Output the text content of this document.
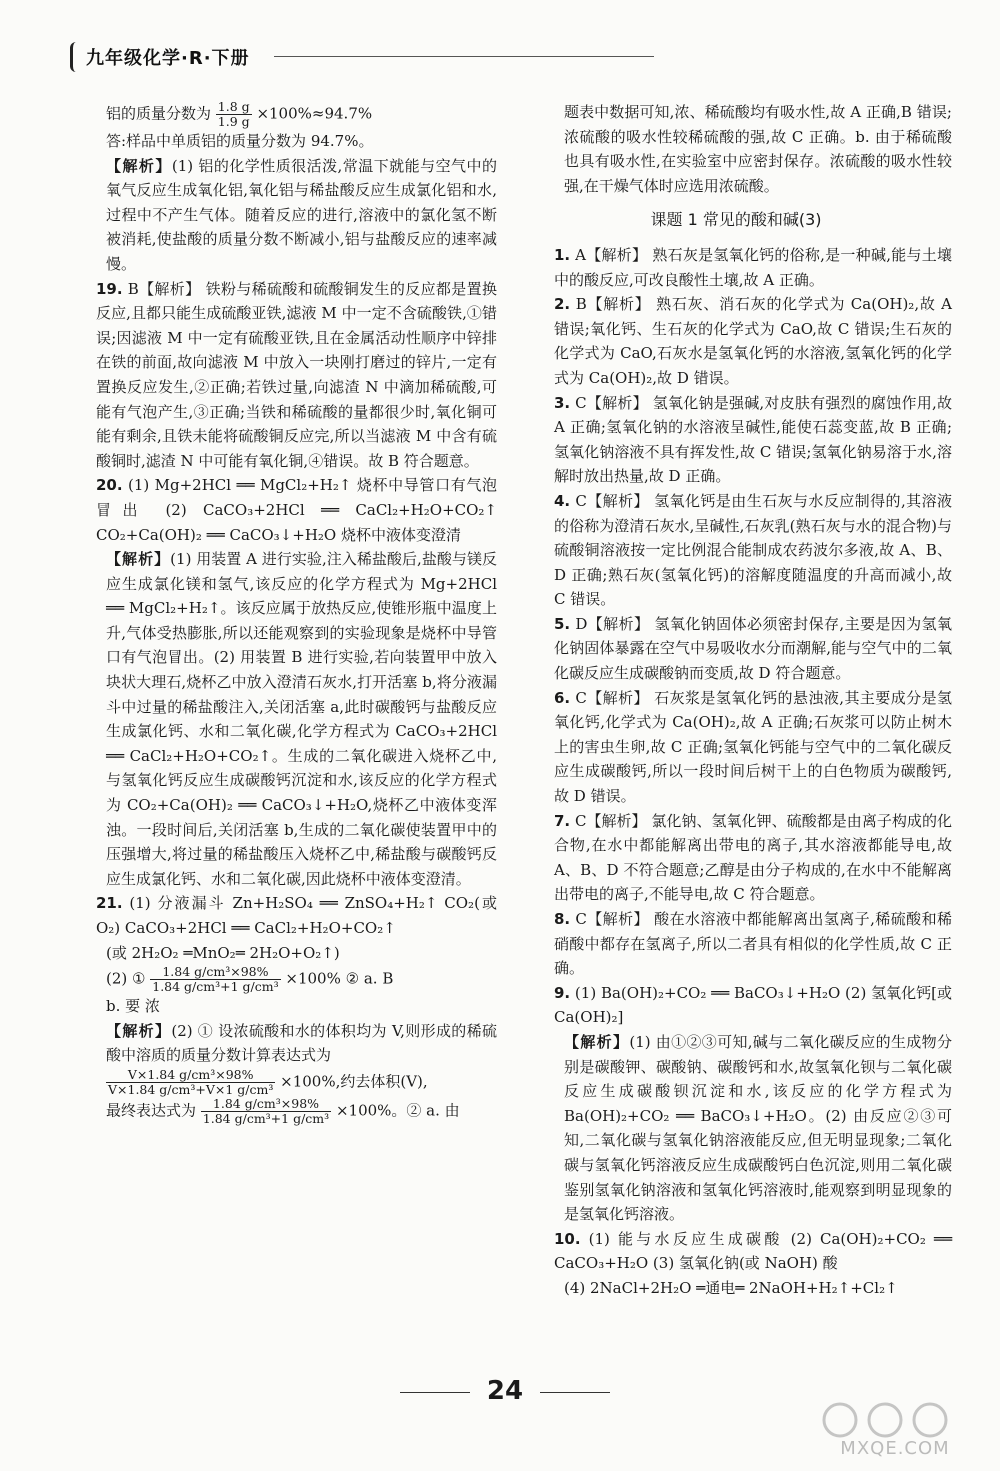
九年级化学·R·下册

铝的质量分数为 $\frac{1.8 g}{1.9 g} \times 100\%\approx 94.7\%$

答:样品中单质铝的质量分数为 94.7%。

【解析】(1) 铝的化学性质很活泼,常温下就能与空气中的氧气反应生成氧化铝,氧化铝与稀盐酸反应生成氯化铝和水,过程中不产生气体。随着反应的进行,溶液中的氯化氢不断被消耗,使盐酸的质量分数不断减小,铝与盐酸反应的速率减慢。

19. B【解析】 铁粉与稀硫酸和硫酸铜发生的反应都是置换反应,且都只能生成硫酸亚铁,滤液 M 中一定不含硫酸铁,①错误;因滤液 M 中一定有硫酸亚铁,且在金属活动性顺序中锌排在铁的前面,故向滤液 M 中放入一块刚打磨过的锌片,一定有置换反应发生,②正确;若铁过量,向滤渣 N 中滴加稀硫酸,可能有气泡产生,③正确;当铁和稀硫酸的量都很少时,氧化铜可能有剩余,且铁未能将硫酸铜反应完,所以当滤液 M 中含有硫酸铜时,滤渣 N 中可能有氧化铜,④错误。故 B 符合题意。

20. (1) Mg+2HCl ══ MgCl₂+H₂↑ 烧杯中导管口有气泡冒出 (2) CaCO₃+2HCl ══ CaCl₂+H₂O+CO₂↑ CO₂+Ca(OH)₂ ══ CaCO₃↓+H₂O 烧杯中液体变澄清

【解析】(1) 用装置 A 进行实验,注入稀盐酸后,盐酸与镁反应生成氯化镁和氢气,该反应的化学方程式为 Mg+2HCl ══ MgCl₂+H₂↑。该反应属于放热反应,使锥形瓶中温度上升,气体受热膨胀,所以还能观察到的实验现象是烧杯中导管口有气泡冒出。(2) 用装置 B 进行实验,若向装置甲中放入块状大理石,烧杯乙中放入澄清石灰水,打开活塞 b,将分液漏斗中过量的稀盐酸注入,关闭活塞 a,此时碳酸钙与盐酸反应生成氯化钙、水和二氧化碳,化学方程式为 CaCO₃+2HCl ══ CaCl₂+H₂O+CO₂↑。生成的二氧化碳进入烧杯乙中,与氢氧化钙反应生成碳酸钙沉淀和水,该反应的化学方程式为 CO₂+Ca(OH)₂ ══ CaCO₃↓+H₂O,烧杯乙中液体变浑浊。一段时间后,关闭活塞 b,生成的二氧化碳使装置甲中的压强增大,将过量的稀盐酸压入烧杯乙中,稀盐酸与碳酸钙反应生成氯化钙、水和二氧化碳,因此烧杯中液体变澄清。

21. (1) 分液漏斗 Zn+H₂SO₄ ══ ZnSO₄+H₂↑ CO₂(或 O₂) CaCO₃+2HCl ══ CaCl₂+H₂O+CO₂↑

(或 2H₂O₂ ═MnO₂═ 2H₂O+O₂↑)

(2) ① $\frac{\text{1.84 g/cm³×98\%}}{\text{1.84 g/cm³+1 g/cm³}} \times 100\%$ ② a. B

b. 要 浓

【解析】(2) ① 设浓硫酸和水的体积均为 V,则形成的稀硫酸中溶质的质量分数计算表达式为

$\frac{\text{V×1.84 g/cm³×98\%}}{\text{V×1.84 g/cm³+V×1 g/cm³}} \times 100\%$,约去体积(V),

最终表达式为 $\frac{\text{1.84 g/cm³×98\%}}{\text{1.84 g/cm³+1 g/cm³}} \times 100\%$。② a. 由

题表中数据可知,浓、稀硫酸均有吸水性,故 A 正确,B 错误;浓硫酸的吸水性较稀硫酸的强,故 C 正确。b. 由于稀硫酸也具有吸水性,在实验室中应密封保存。浓硫酸的吸水性较强,在干燥气体时应选用浓硫酸。

课题 1 常见的酸和碱(3)

1. A【解析】 熟石灰是氢氧化钙的俗称,是一种碱,能与土壤中的酸反应,可改良酸性土壤,故 A 正确。

2. B【解析】 熟石灰、消石灰的化学式为 Ca(OH)₂,故 A 错误;氧化钙、生石灰的化学式为 CaO,故 C 错误;生石灰的化学式为 CaO,石灰水是氢氧化钙的水溶液,氢氧化钙的化学式为 Ca(OH)₂,故 D 错误。

3. C【解析】 氢氧化钠是强碱,对皮肤有强烈的腐蚀作用,故 A 正确;氢氧化钠的水溶液呈碱性,能使石蕊变蓝,故 B 正确;氢氧化钠溶液不具有挥发性,故 C 错误;氢氧化钠易溶于水,溶解时放出热量,故 D 正确。

4. C【解析】 氢氧化钙是由生石灰与水反应制得的,其溶液的俗称为澄清石灰水,呈碱性,石灰乳(熟石灰与水的混合物)与硫酸铜溶液按一定比例混合能制成农药波尔多液,故 A、B、D 正确;熟石灰(氢氧化钙)的溶解度随温度的升高而减小,故 C 错误。

5. D【解析】 氢氧化钠固体必须密封保存,主要是因为氢氧化钠固体暴露在空气中易吸收水分而潮解,能与空气中的二氧化碳反应生成碳酸钠而变质,故 D 符合题意。

6. C【解析】 石灰浆是氢氧化钙的悬浊液,其主要成分是氢氧化钙,化学式为 Ca(OH)₂,故 A 正确;石灰浆可以防止树木上的害虫生卵,故 C 正确;氢氧化钙能与空气中的二氧化碳反应生成碳酸钙,所以一段时间后树干上的白色物质为碳酸钙,故 D 错误。

7. C【解析】 氯化钠、氢氧化钾、硫酸都是由离子构成的化合物,在水中都能解离出带电的离子,其水溶液都能导电,故 A、B、D 不符合题意;乙醇是由分子构成的,在水中不能解离出带电的离子,不能导电,故 C 符合题意。

8. C【解析】 酸在水溶液中都能解离出氢离子,稀硫酸和稀硝酸中都存在氢离子,所以二者具有相似的化学性质,故 C 正确。

9. (1) Ba(OH)₂+CO₂ ══ BaCO₃↓+H₂O (2) 氢氧化钙[或 Ca(OH)₂]

【解析】(1) 由①②③可知,碱与二氧化碳反应的生成物分别是碳酸钾、碳酸钠、碳酸钙和水,故氢氧化钡与二氧化碳反应生成碳酸钡沉淀和水,该反应的化学方程式为 Ba(OH)₂+CO₂ ══ BaCO₃↓+H₂O。(2) 由反应②③可知,二氧化碳与氢氧化钠溶液能反应,但无明显现象;二氧化碳与氢氧化钙溶液反应生成碳酸钙白色沉淀,则用二氧化碳鉴别氢氧化钠溶液和氢氧化钙溶液时,能观察到明显现象的是氢氧化钙溶液。

10. (1) 能与水反应生成碳酸 (2) Ca(OH)₂+CO₂ ══ CaCO₃+H₂O (3) 氢氧化钠(或 NaOH) 酸

(4) 2NaCl+2H₂O ═通电═ 2NaOH+H₂↑+Cl₂↑

24
MXQE.COM
